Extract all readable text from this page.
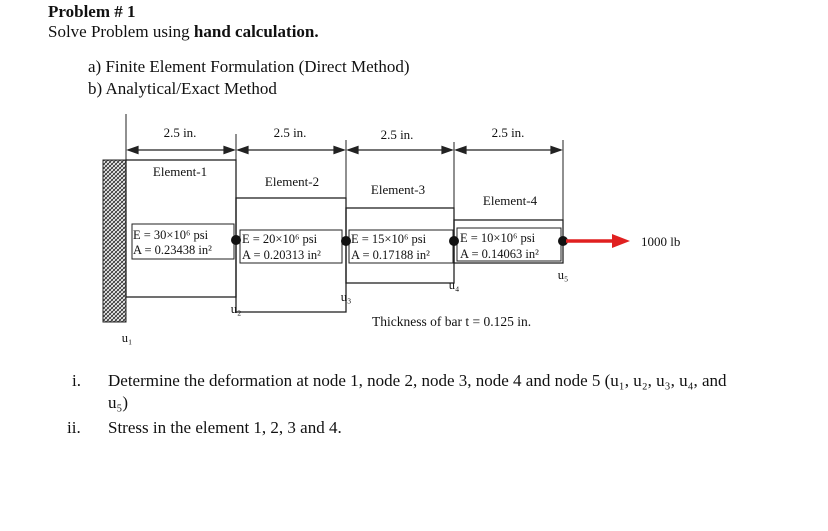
Problem # 1
Solve Problem using hand calculation.
a) Finite Element Formulation (Direct Method)
b) Analytical/Exact Method
2.5 in.	2.5 in.	2.5 in.	2.5 in.
Element-1
Element-2
Element-3
Element-4
E = 30×10⁶ psi
A = 0.23438 in²
E = 20×10⁶ psi
A = 0.20313 in²
E = 15×10⁶ psi
A = 0.17188 in²
E = 10×10⁶ psi
A = 0.14063 in²
1000 lb
u₁
u₂
u₃
u₄
u₅
Thickness of bar t = 0.125 in.
i. Determine the deformation at node 1, node 2, node 3, node 4 and node 5 (u₁, u₂, u₃, u₄, and
u₅)
ii. Stress in the element 1, 2, 3 and 4.
